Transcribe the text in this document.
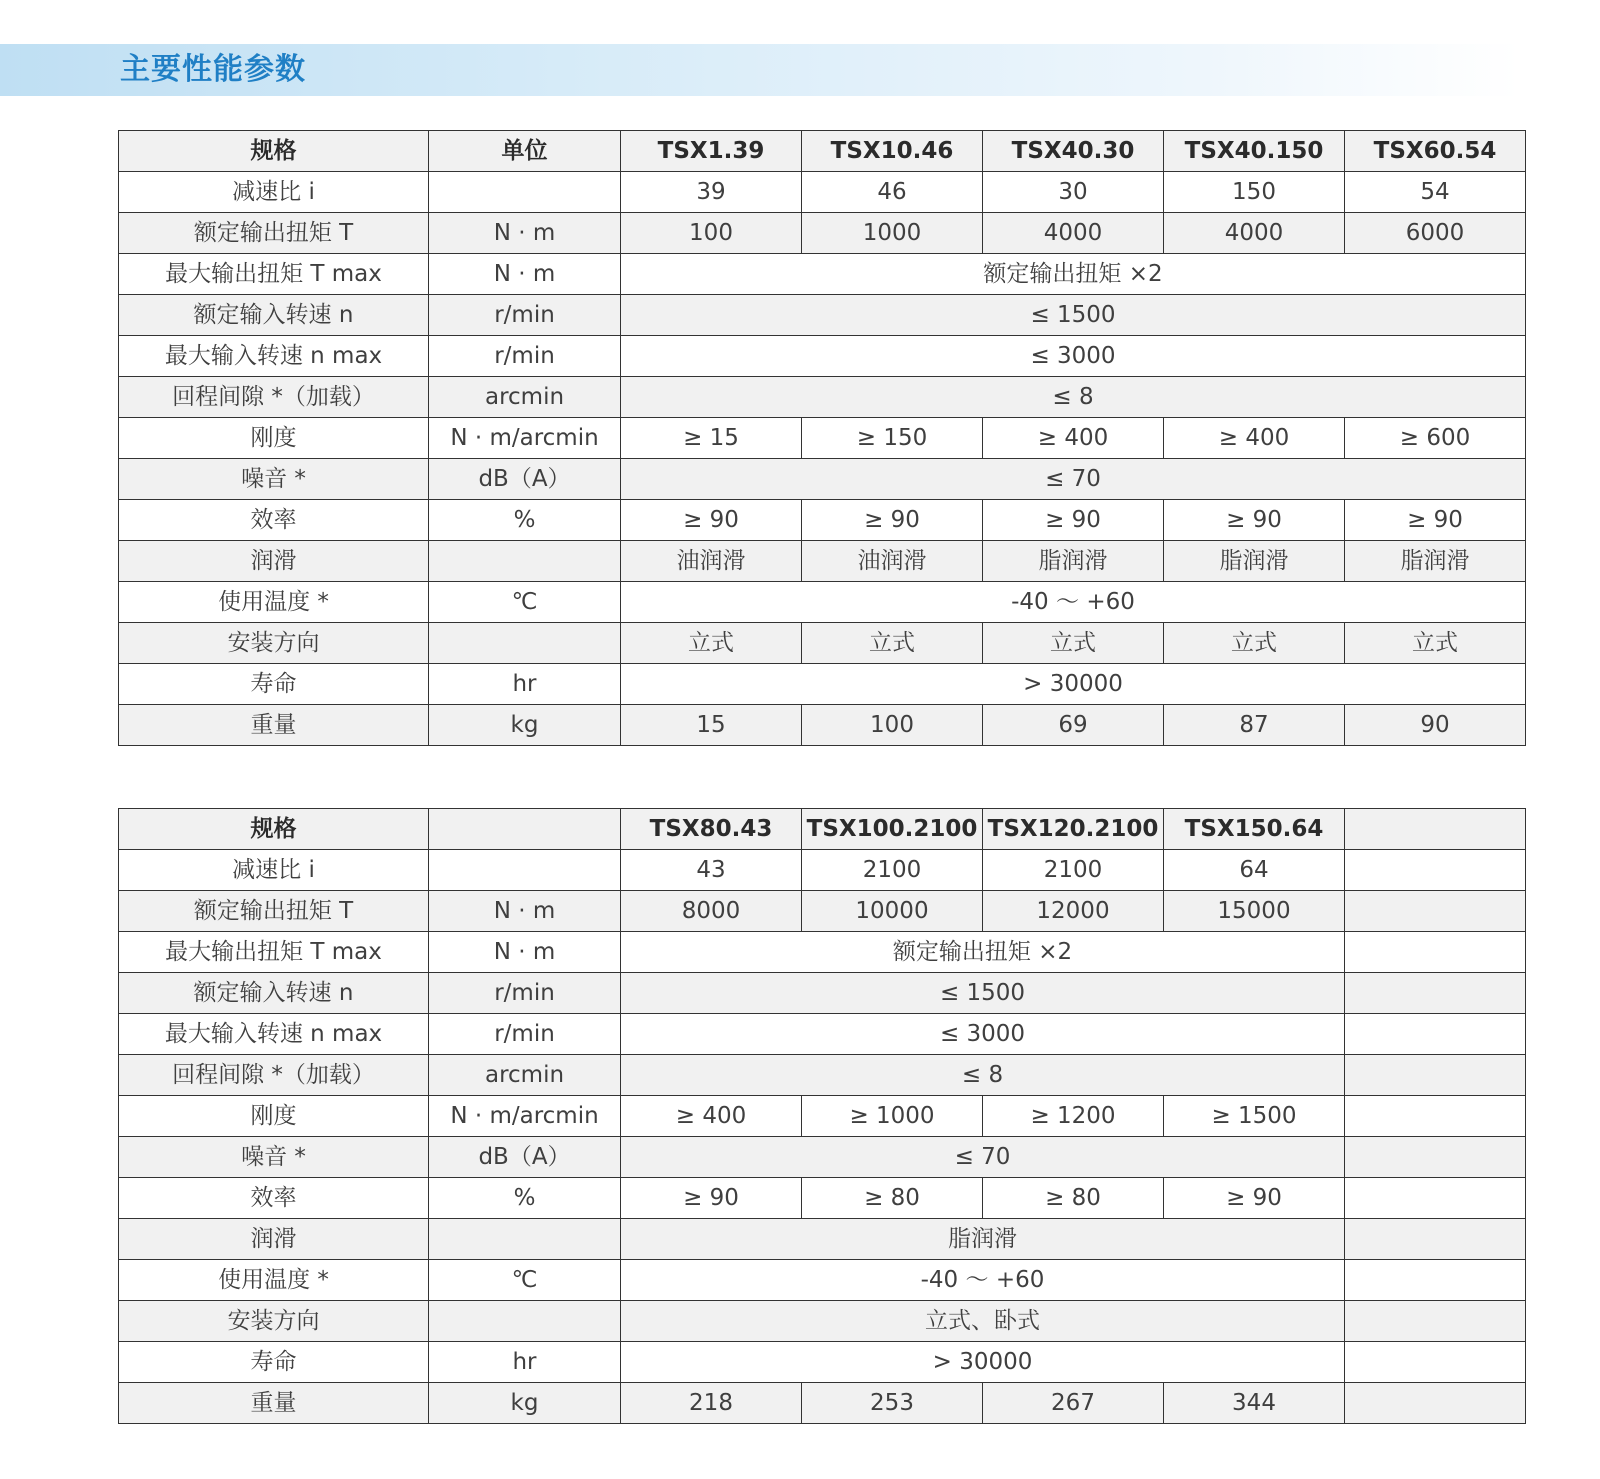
主要性能参数
规格	单位	TSX1.39	TSX10.46	TSX40.30	TSX40.150	TSX60.54
减速比 i		39	46	30	150	54
额定输出扭矩 T	N · m	100	1000	4000	4000	6000
最大输出扭矩 T max	N · m	额定输出扭矩 ×2				
额定输入转速 n	r/min	≤ 1500				
最大输入转速 n max	r/min	≤ 3000				
回程间隙 *（加载）	arcmin	≤ 8				
刚度	N · m/arcmin	≥ 15	≥ 150	≥ 400	≥ 400	≥ 600
噪音 *	dB（A）	≤ 70				
效率	%	≥ 90	≥ 90	≥ 90	≥ 90	≥ 90
润滑		油润滑	油润滑	脂润滑	脂润滑	脂润滑
使用温度 *	℃	-40 ～ +60				
安装方向		立式	立式	立式	立式	立式
寿命	hr	> 30000				
重量	kg	15	100	69	87	90
规格		TSX80.43	TSX100.2100	TSX120.2100	TSX150.64	
减速比 i		43	2100	2100	64	
额定输出扭矩 T	N · m	8000	10000	12000	15000	
最大输出扭矩 T max	N · m	额定输出扭矩 ×2				
额定输入转速 n	r/min	≤ 1500				
最大输入转速 n max	r/min	≤ 3000				
回程间隙 *（加载）	arcmin	≤ 8				
刚度	N · m/arcmin	≥ 400	≥ 1000	≥ 1200	≥ 1500	
噪音 *	dB（A）	≤ 70				
效率	%	≥ 90	≥ 80	≥ 80	≥ 90	
润滑		脂润滑				
使用温度 *	℃	-40 ～ +60				
安装方向		立式、卧式				
寿命	hr	> 30000				
重量	kg	218	253	267	344	
